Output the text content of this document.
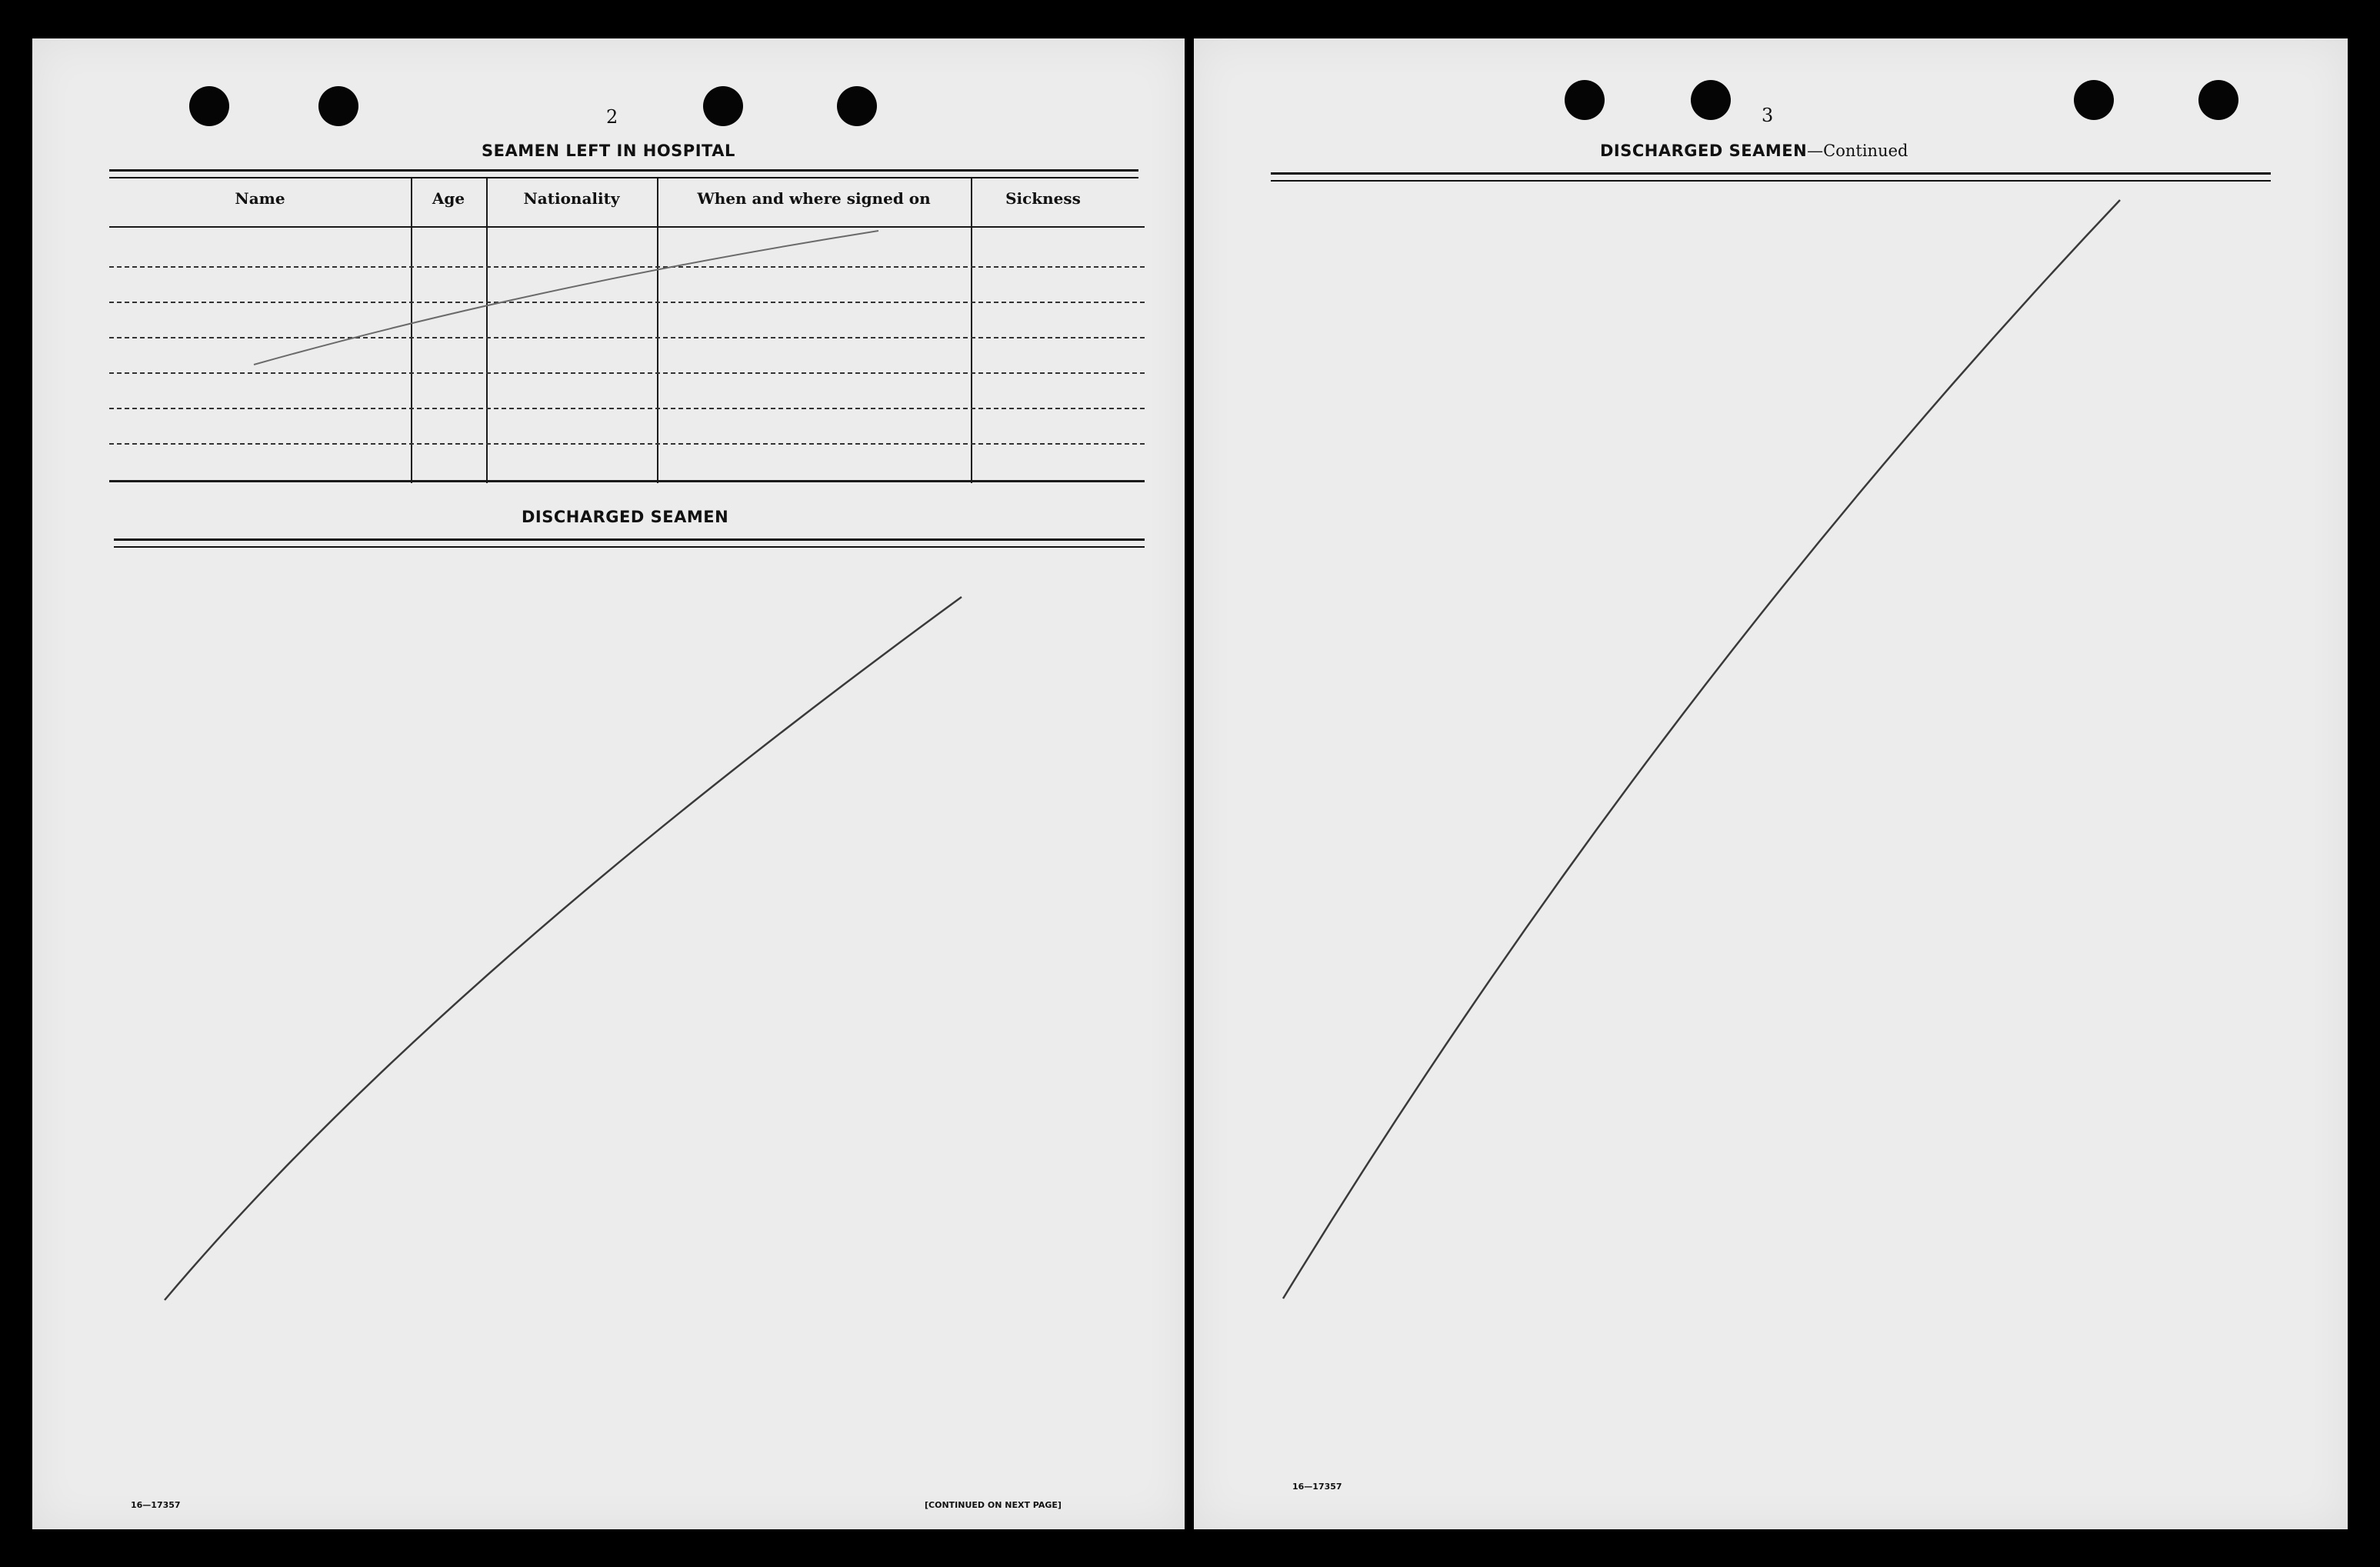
2
SEAMEN LEFT IN HOSPITAL
Name	Age	Nationality	When and where signed on	Sickness
DISCHARGED SEAMEN
16—17357	[CONTINUED ON NEXT PAGE]
3
DISCHARGED SEAMEN—Continued
16—17357
